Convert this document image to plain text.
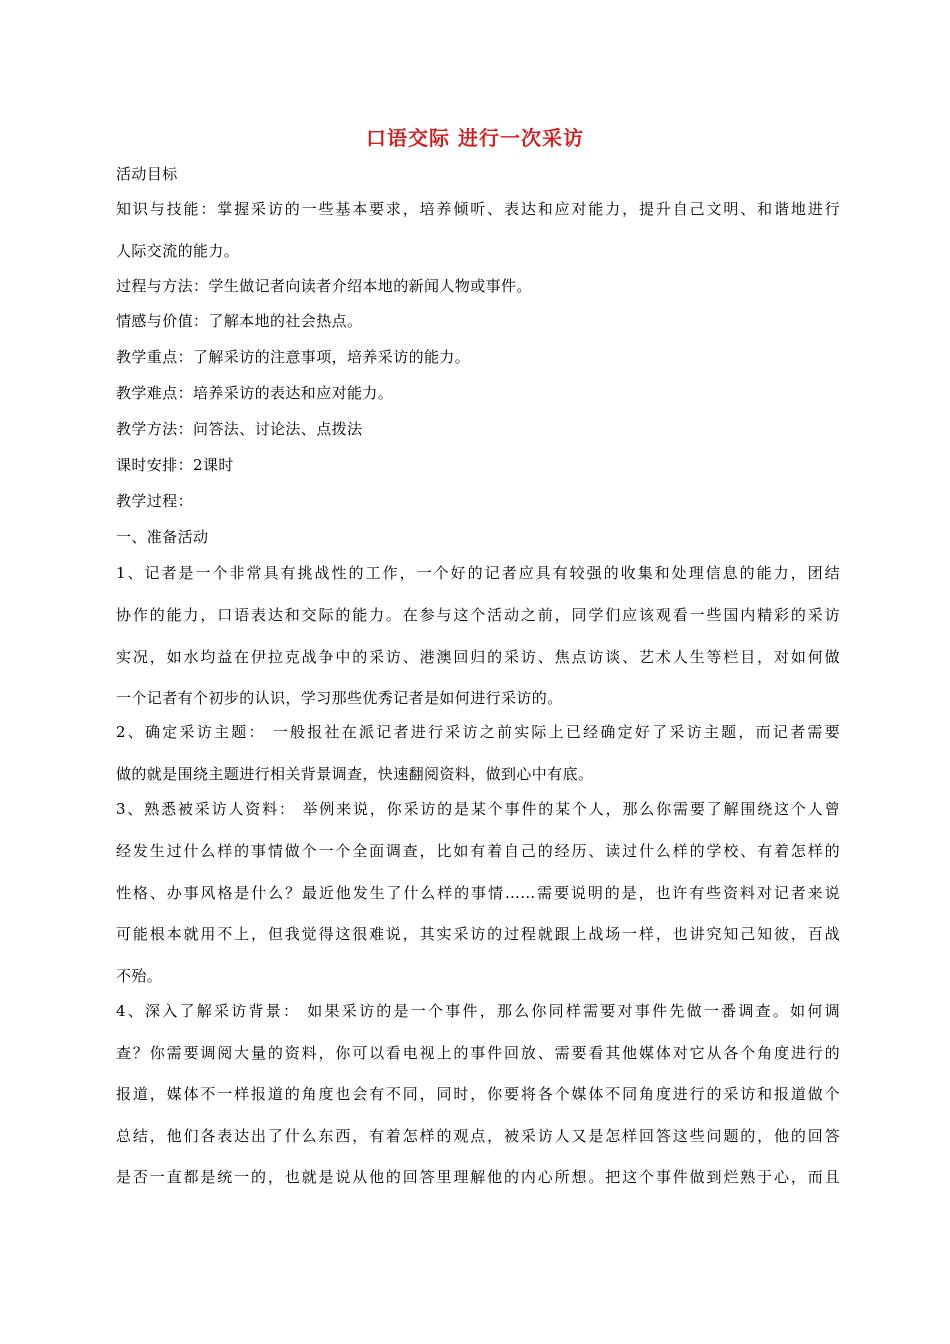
口语交际 进行一次采访
活动目标
知识与技能：掌握采访的一些基本要求，培养倾听、表达和应对能力，提升自己文明、和谐地进行
人际交流的能力。
过程与方法：学生做记者向读者介绍本地的新闻人物或事件。
情感与价值：了解本地的社会热点。
教学重点：了解采访的注意事项，培养采访的能力。
教学难点：培养采访的表达和应对能力。
教学方法：问答法、讨论法、点拨法
课时安排：2课时
教学过程：
一、准备活动
1、记者是一个非常具有挑战性的工作，一个好的记者应具有较强的收集和处理信息的能力，团结
协作的能力，口语表达和交际的能力。在参与这个活动之前，同学们应该观看一些国内精彩的采访
实况，如水均益在伊拉克战争中的采访、港澳回归的采访、焦点访谈、艺术人生等栏目，对如何做
一个记者有个初步的认识，学习那些优秀记者是如何进行采访的。
2、确定采访主题： 一般报社在派记者进行采访之前实际上已经确定好了采访主题，而记者需要
做的就是围绕主题进行相关背景调查，快速翻阅资料，做到心中有底。
3、熟悉被采访人资料： 举例来说，你采访的是某个事件的某个人，那么你需要了解围绕这个人曾
经发生过什么样的事情做个一个全面调查，比如有着自己的经历、读过什么样的学校、有着怎样的
性格、办事风格是什么？最近他发生了什么样的事情……需要说明的是，也许有些资料对记者来说
可能根本就用不上，但我觉得这很难说，其实采访的过程就跟上战场一样，也讲究知己知彼，百战
不殆。
4、深入了解采访背景： 如果采访的是一个事件，那么你同样需要对事件先做一番调查。如何调
查？你需要调阅大量的资料，你可以看电视上的事件回放、需要看其他媒体对它从各个角度进行的
报道，媒体不一样报道的角度也会有不同，同时，你要将各个媒体不同角度进行的采访和报道做个
总结，他们各表达出了什么东西，有着怎样的观点，被采访人又是怎样回答这些问题的，他的回答
是否一直都是统一的，也就是说从他的回答里理解他的内心所想。把这个事件做到烂熟于心，而且
